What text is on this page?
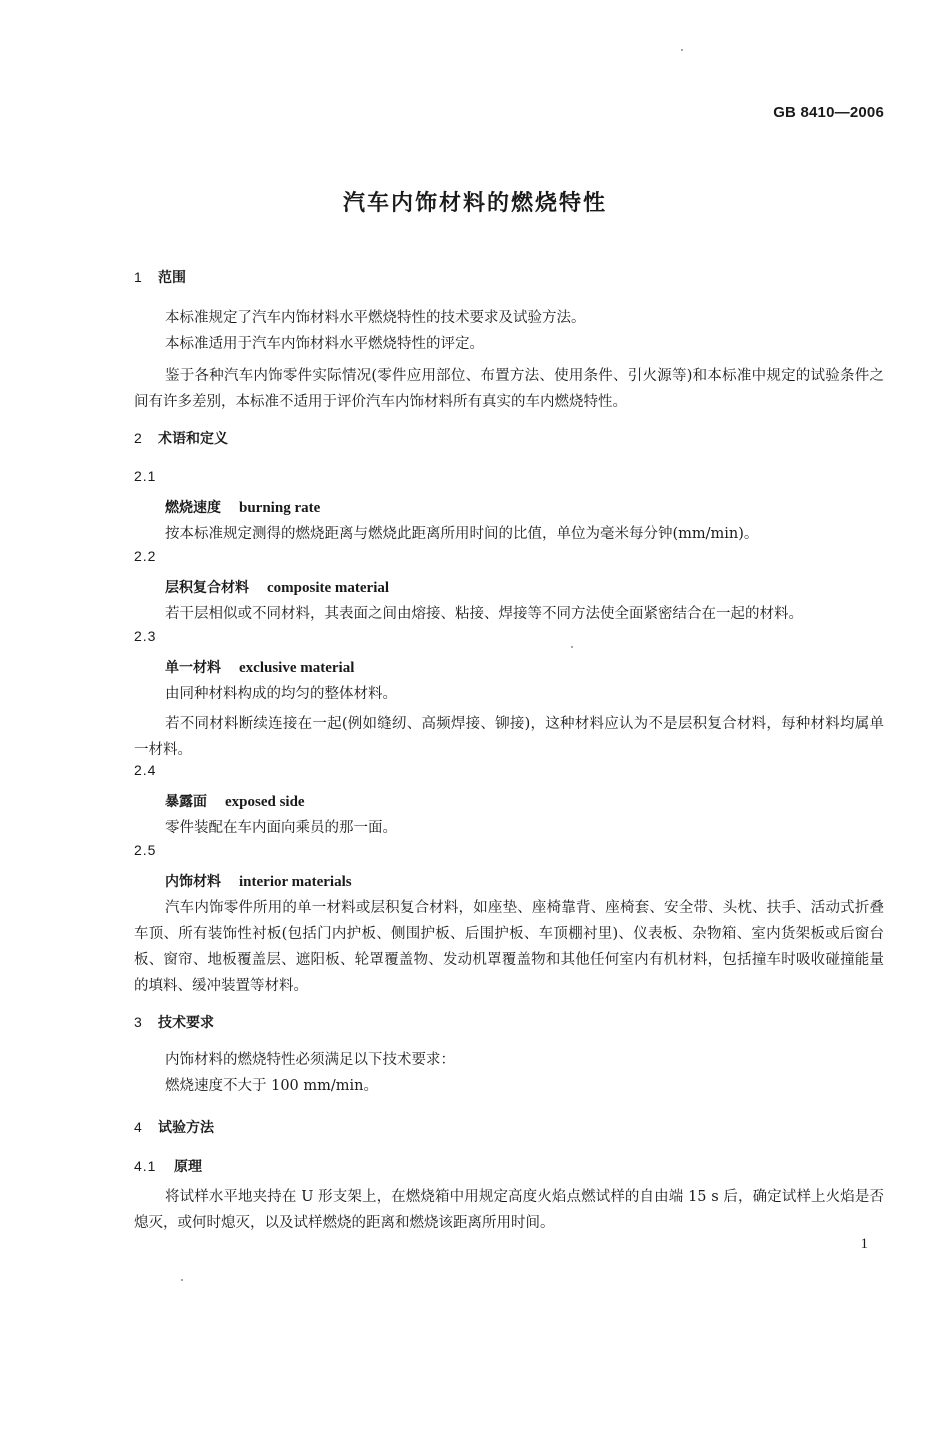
GB 8410—2006
汽车内饰材料的燃烧特性
1 范围
本标准规定了汽车内饰材料水平燃烧特性的技术要求及试验方法。
本标准适用于汽车内饰材料水平燃烧特性的评定。
鉴于各种汽车内饰零件实际情况(零件应用部位、布置方法、使用条件、引火源等)和本标准中规定的试验条件之间有许多差别，本标准不适用于评价汽车内饰材料所有真实的车内燃烧特性。
2 术语和定义
2.1
燃烧速度 burning rate
按本标准规定测得的燃烧距离与燃烧此距离所用时间的比值，单位为毫米每分钟(mm/min)。
2.2
层积复合材料 composite material
若干层相似或不同材料，其表面之间由熔接、粘接、焊接等不同方法使全面紧密结合在一起的材料。
2.3
单一材料 exclusive material
由同种材料构成的均匀的整体材料。
若不同材料断续连接在一起(例如缝纫、高频焊接、铆接)，这种材料应认为不是层积复合材料，每种材料均属单一材料。
2.4
暴露面 exposed side
零件装配在车内面向乘员的那一面。
2.5
内饰材料 interior materials
汽车内饰零件所用的单一材料或层积复合材料，如座垫、座椅靠背、座椅套、安全带、头枕、扶手、活动式折叠车顶、所有装饰性衬板(包括门内护板、侧围护板、后围护板、车顶棚衬里)、仪表板、杂物箱、室内货架板或后窗台板、窗帘、地板覆盖层、遮阳板、轮罩覆盖物、发动机罩覆盖物和其他任何室内有机材料，包括撞车时吸收碰撞能量的填料、缓冲装置等材料。
3 技术要求
内饰材料的燃烧特性必须满足以下技术要求：
燃烧速度不大于 100 mm/min。
4 试验方法
4.1 原理
将试样水平地夹持在 U 形支架上，在燃烧箱中用规定高度火焰点燃试样的自由端 15 s 后，确定试样上火焰是否熄灭，或何时熄灭，以及试样燃烧的距离和燃烧该距离所用时间。
1
